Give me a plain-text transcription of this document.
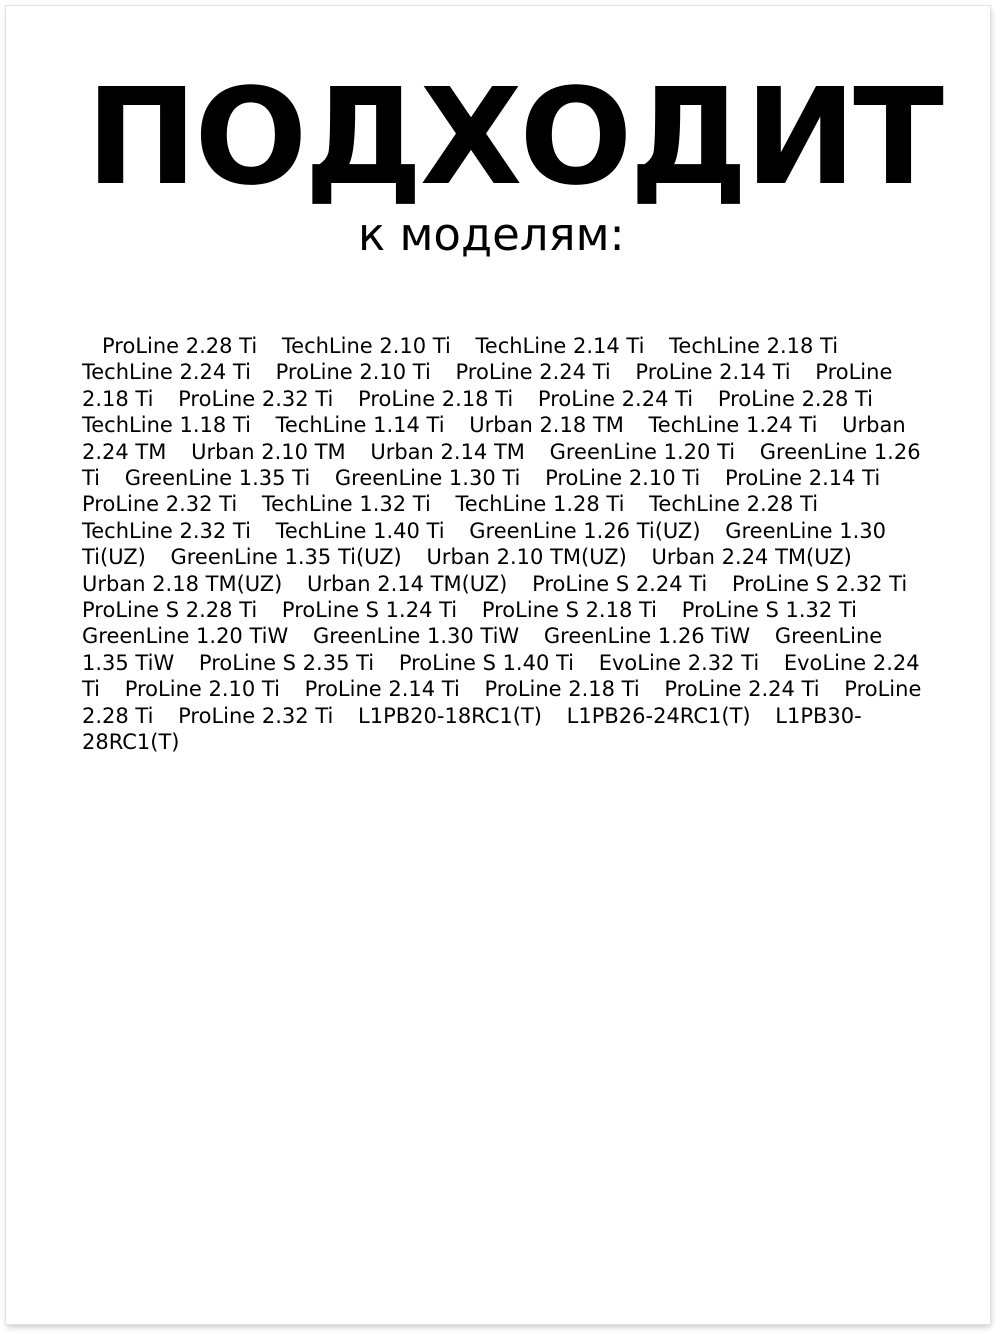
ПОДХОДИТ
к моделям:

ProLine 2.28 Ti TechLine 2.10 Ti TechLine 2.14 Ti TechLine 2.18 Ti TechLine 2.24 Ti ProLine 2.10 Ti ProLine 2.24 Ti ProLine 2.14 Ti ProLine 2.18 Ti ProLine 2.32 Ti ProLine 2.18 Ti ProLine 2.24 Ti ProLine 2.28 Ti TechLine 1.18 Ti TechLine 1.14 Ti Urban 2.18 TM TechLine 1.24 Ti Urban 2.24 TM Urban 2.10 TM Urban 2.14 TM GreenLine 1.20 Ti GreenLine 1.26 Ti GreenLine 1.35 Ti GreenLine 1.30 Ti ProLine 2.10 Ti ProLine 2.14 Ti ProLine 2.32 Ti TechLine 1.32 Ti TechLine 1.28 Ti TechLine 2.28 Ti TechLine 2.32 Ti TechLine 1.40 Ti GreenLine 1.26 Ti(UZ) GreenLine 1.30 Ti(UZ) GreenLine 1.35 Ti(UZ) Urban 2.10 TM(UZ) Urban 2.24 TM(UZ) Urban 2.18 TM(UZ) Urban 2.14 TM(UZ) ProLine S 2.24 Ti ProLine S 2.32 Ti ProLine S 2.28 Ti ProLine S 1.24 Ti ProLine S 2.18 Ti ProLine S 1.32 Ti GreenLine 1.20 TiW GreenLine 1.30 TiW GreenLine 1.26 TiW GreenLine 1.35 TiW ProLine S 2.35 Ti ProLine S 1.40 Ti EvoLine 2.32 Ti EvoLine 2.24 Ti ProLine 2.10 Ti ProLine 2.14 Ti ProLine 2.18 Ti ProLine 2.24 Ti ProLine 2.28 Ti ProLine 2.32 Ti L1PB20-18RC1(T) L1PB26-24RC1(T) L1PB30-28RC1(T)
